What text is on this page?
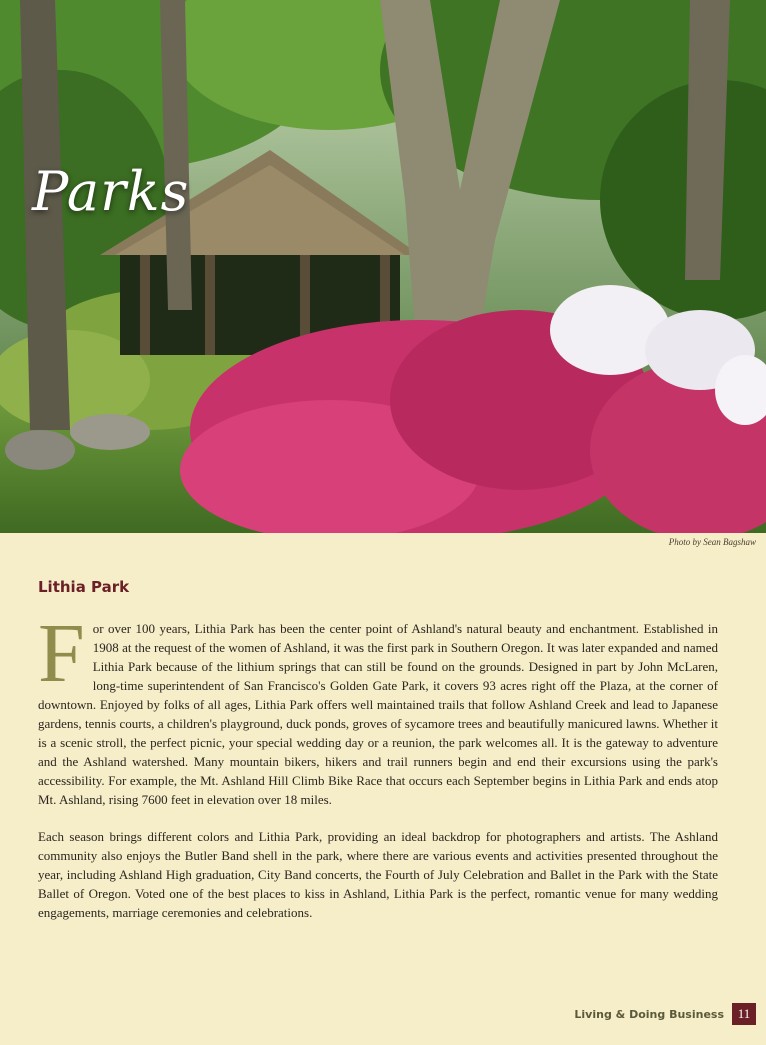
Parks

Photo by Sean Bagshaw

Lithia Park

For over 100 years, Lithia Park has been the center point of Ashland's natural beauty and enchantment. Established in 1908 at the request of the women of Ashland, it was the first park in Southern Oregon. It was later expanded and named Lithia Park because of the lithium springs that can still be found on the grounds. Designed in part by John McLaren, long-time superintendent of San Francisco's Golden Gate Park, it covers 93 acres right off the Plaza, at the corner of downtown. Enjoyed by folks of all ages, Lithia Park offers well maintained trails that follow Ashland Creek and lead to Japanese gardens, tennis courts, a children's playground, duck ponds, groves of sycamore trees and beautifully manicured lawns. Whether it is a scenic stroll, the perfect picnic, your special wedding day or a reunion, the park welcomes all. It is the gateway to adventure and the Ashland watershed. Many mountain bikers, hikers and trail runners begin and end their excursions using the park's accessibility. For example, the Mt. Ashland Hill Climb Bike Race that occurs each September begins in Lithia Park and ends atop Mt. Ashland, rising 7600 feet in elevation over 18 miles.

Each season brings different colors and Lithia Park, providing an ideal backdrop for photographers and artists. The Ashland community also enjoys the Butler Band shell in the park, where there are various events and activities presented throughout the year, including Ashland High graduation, City Band concerts, the Fourth of July Celebration and Ballet in the Park with the State Ballet of Oregon. Voted one of the best places to kiss in Ashland, Lithia Park is the perfect, romantic venue for many wedding engagements, marriage ceremonies and celebrations.

Living & Doing Business	11
